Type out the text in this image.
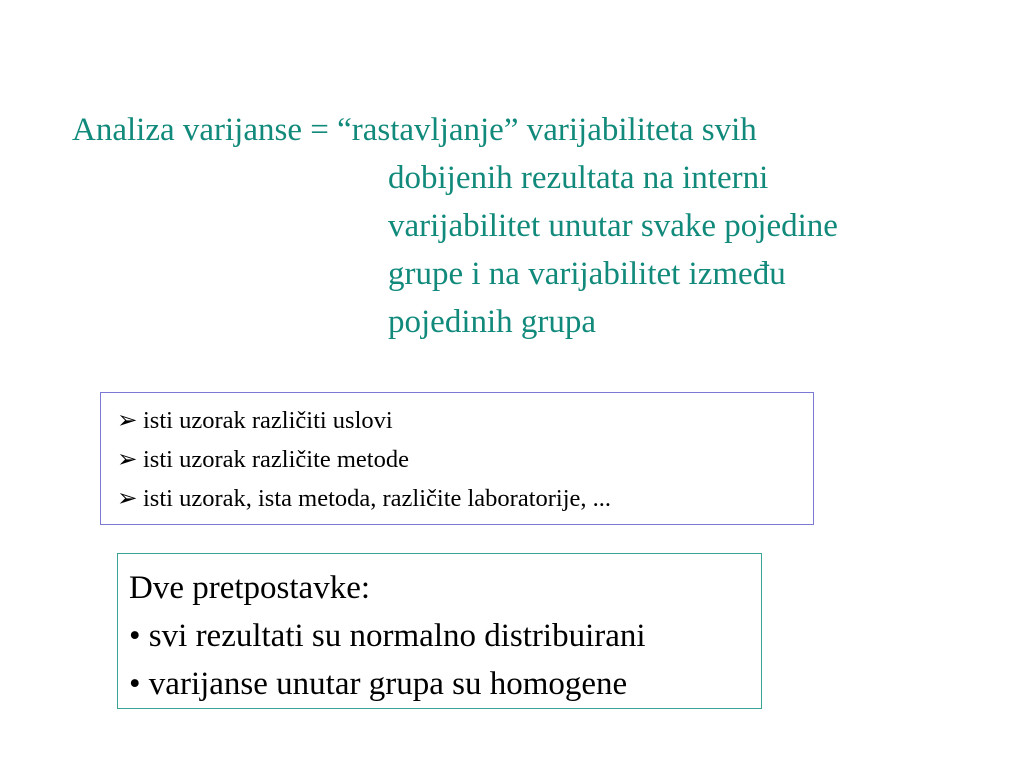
Analiza varijanse = “rastavljanje” varijabiliteta svih
dobijenih rezultata na interni
varijabilitet unutar svake pojedine
grupe i na varijabilitet između
pojedinih grupa
➢ isti uzorak različiti uslovi
➢ isti uzorak različite metode
➢ isti uzorak, ista metoda, različite laboratorije, ...
Dve pretpostavke:
• svi rezultati su normalno distribuirani
• varijanse unutar grupa su homogene
